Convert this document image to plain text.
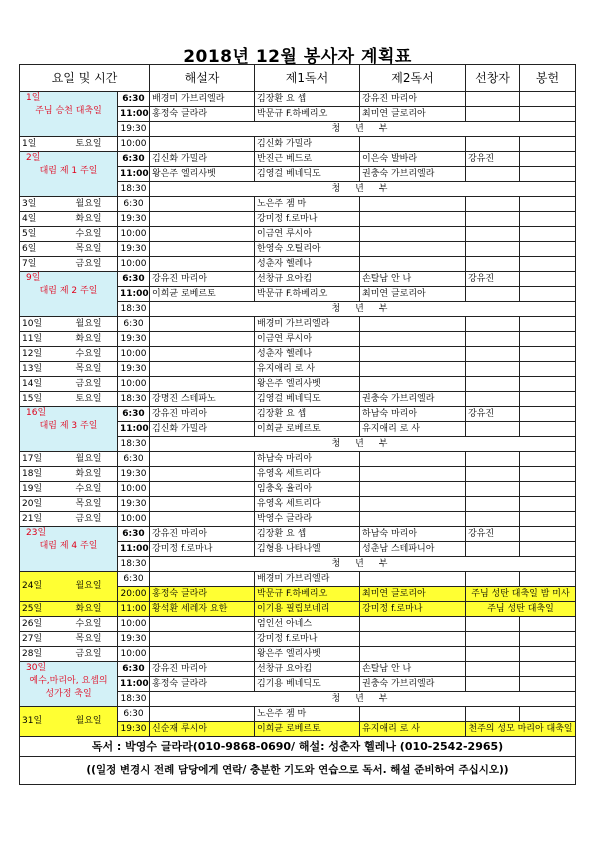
2018년 12월 봉사자 계획표
요일 및 시간			해설자	제1독서	제2독서	선창자	봉헌

1일
주님 승천 대축일		6:30	배경미 가브리엘라	김장환 요 셉	강유진 마리아		
		11:00	홍정숙 글라라	박문규 F.하베리오	최미연 글로리아		
		19:30	청 년 부				
1일	토요일	10:00		김신화 가밀라			

2일
대림 제 1 주일		6:30	김신화 가밀라	반진근 베드로	이은숙 발바라	강유진	
		11:00	왕은주 엘리사벳	김영걸 베네딕도	권충숙 가브리엘라		
		18:30	청 년 부				
3일	월요일	6:30		노은주 젬 마			
4일	화요일	19:30		강미정 f.로마나			
5일	수요일	10:00		이금연 루시아			
6일	목요일	19:30		한영숙 오틸리아			
7일	금요일	10:00		성춘자 헬레나			

9일
대림 제 2 주일		6:30	강유진 마리아	선창규 요아킴	손탈남 안 나	강유진	
		11:00	이희균 로베르토	박문규 F.하베리오	최미연 글로리아		
		18:30	청 년 부				
10일	월요일	6:30		배경미 가브리엘라			
11일	화요일	19:30		이금연 루시아			
12일	수요일	10:00		성춘자 헬레나			
13일	목요일	19:30		유지애리 로 사			
14일	금요일	10:00		왕은주 엘리사벳			
15일	토요일	18:30	강명진 스테파노	김영걸 베네딕도	권충숙 가브리엘라		

16일
대림 제 3 주일		6:30	강유진 마리아	김장환 요 셉	하남숙 마리아	강유진	
		11:00	김신화 가밀라	이희균 로베르토	유지애리 로 사		
		18:30	청 년 부				
17일	월요일	6:30		하남숙 마리아			
18일	화요일	19:30		유영옥 세트리다			
19일	수요일	10:00		임충옥 율리아			
20일	목요일	19:30		유영옥 세트리다			
21일	금요일	10:00		박영수 글라라			

23일
대림 제 4 주일		6:30	강유진 마리아	김장환 요 셉	하남숙 마리아	강유진	
		11:00	강미정 f.로마나	김형용 나타나엘	성춘남 스테파니아		
		18:30	청 년 부				
24일	월요일	6:30		배경미 가브리엘라			
		20:00	홍정숙 글라라	박문규 F.하베리오	최미연 글로리아	주님 성탄 대축일 밤 미사	
25일	화요일	11:00	황석환 세레자 요한	이기용 필립보네리	강미정 f.로마나	주님 성탄 대축일	
26일	수요일	10:00		엄인선 아네스			
27일	목요일	19:30		강미정 f.로마나			
28일	금요일	10:00		왕은주 엘리사벳			

30일
예수,마리아, 요셉의
성가정 축일		6:30	강유진 마리아	선창규 요아킴	손탈남 안 나		
		11:00	홍정숙 글라라	김기용 베네딕도	권충숙 가브리엘라		
		18:30	청 년 부				
31일	월요일	6:30		노은주 젬 마			
		19:30	신순재 루시아	이희균 로베르토	유지애리 로 사	천주의 성모 마리아 대축일	
독서 : 박영수 글라라(010-9868-0690/ 해설: 성춘자 헬레나 (010-2542-2965)							
((일정 변경시 전례 담당에게 연락/ 충분한 기도와 연습으로 독서. 해설 준비하여 주십시오))							
